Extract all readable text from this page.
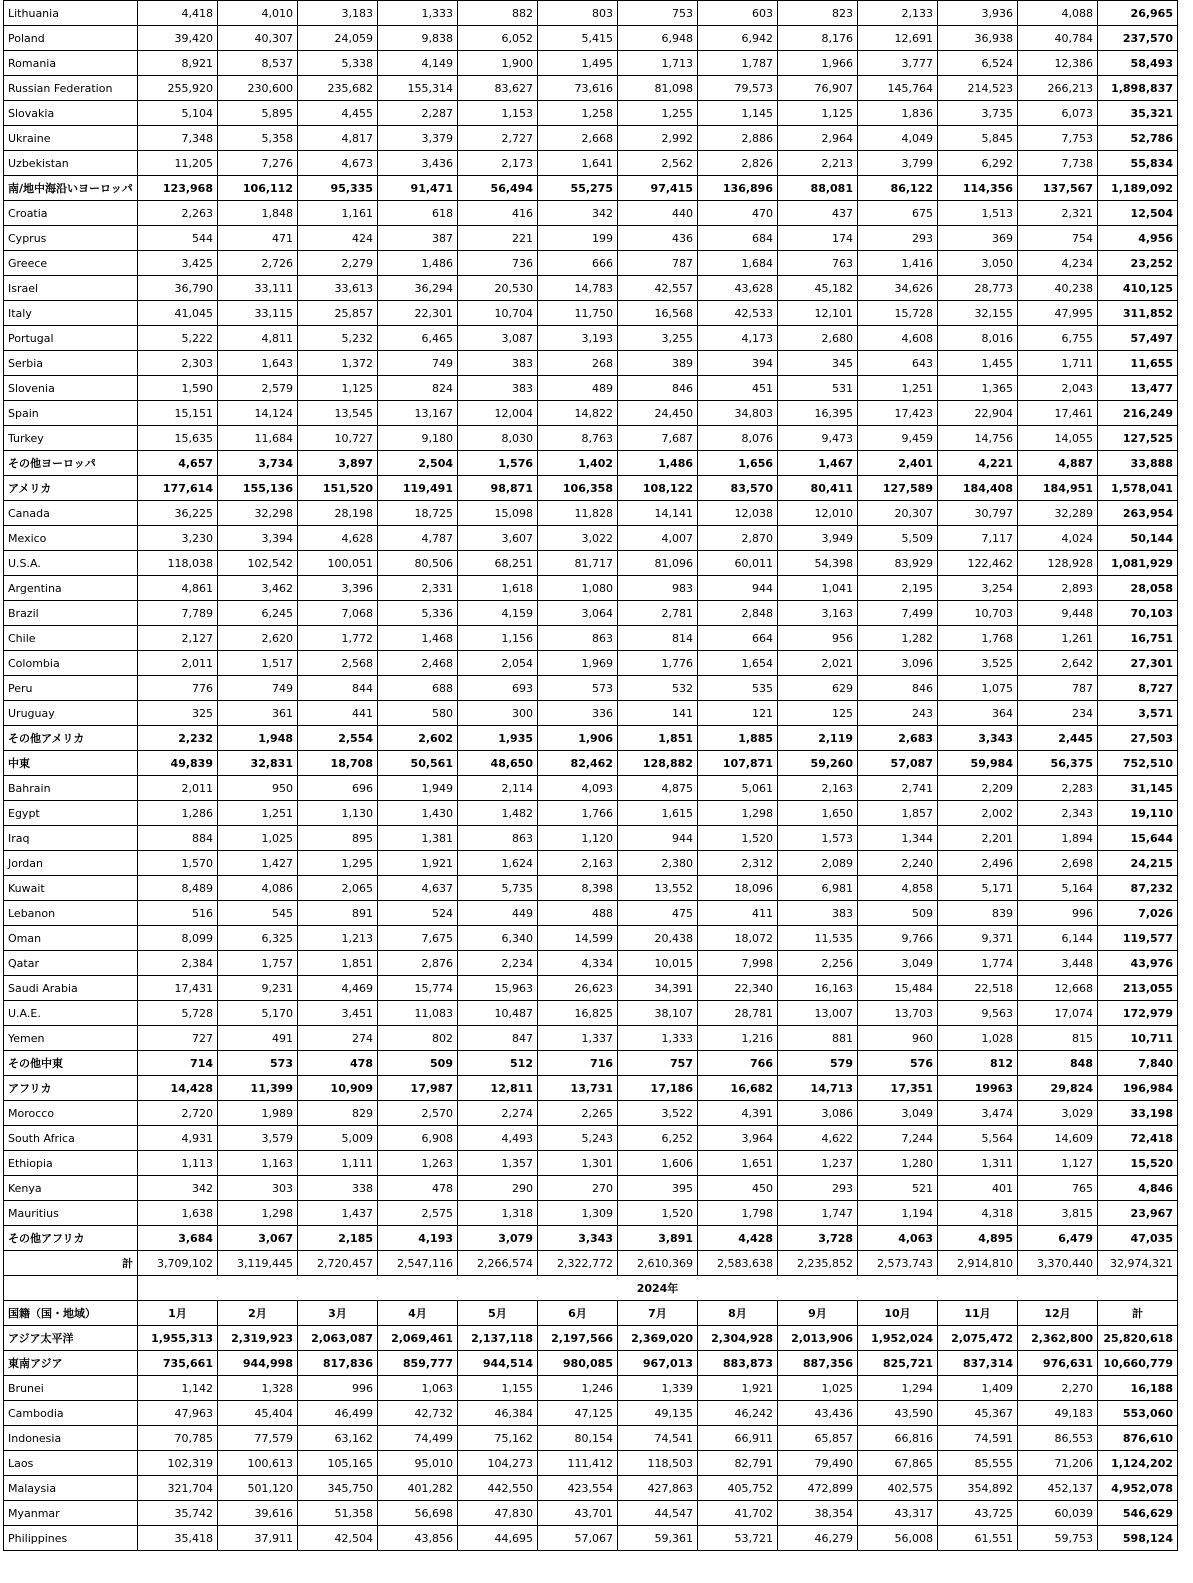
Lithuania	4,418	4,010	3,183	1,333	882	803	753	603	823	2,133	3,936	4,088	26,965
Poland	39,420	40,307	24,059	9,838	6,052	5,415	6,948	6,942	8,176	12,691	36,938	40,784	237,570
Romania	8,921	8,537	5,338	4,149	1,900	1,495	1,713	1,787	1,966	3,777	6,524	12,386	58,493
Russian Federation	255,920	230,600	235,682	155,314	83,627	73,616	81,098	79,573	76,907	145,764	214,523	266,213	1,898,837
Slovakia	5,104	5,895	4,455	2,287	1,153	1,258	1,255	1,145	1,125	1,836	3,735	6,073	35,321
Ukraine	7,348	5,358	4,817	3,379	2,727	2,668	2,992	2,886	2,964	4,049	5,845	7,753	52,786
Uzbekistan	11,205	7,276	4,673	3,436	2,173	1,641	2,562	2,826	2,213	3,799	6,292	7,738	55,834
南/地中海沿いヨーロッパ	123,968	106,112	95,335	91,471	56,494	55,275	97,415	136,896	88,081	86,122	114,356	137,567	1,189,092
Croatia	2,263	1,848	1,161	618	416	342	440	470	437	675	1,513	2,321	12,504
Cyprus	544	471	424	387	221	199	436	684	174	293	369	754	4,956
Greece	3,425	2,726	2,279	1,486	736	666	787	1,684	763	1,416	3,050	4,234	23,252
Israel	36,790	33,111	33,613	36,294	20,530	14,783	42,557	43,628	45,182	34,626	28,773	40,238	410,125
Italy	41,045	33,115	25,857	22,301	10,704	11,750	16,568	42,533	12,101	15,728	32,155	47,995	311,852
Portugal	5,222	4,811	5,232	6,465	3,087	3,193	3,255	4,173	2,680	4,608	8,016	6,755	57,497
Serbia	2,303	1,643	1,372	749	383	268	389	394	345	643	1,455	1,711	11,655
Slovenia	1,590	2,579	1,125	824	383	489	846	451	531	1,251	1,365	2,043	13,477
Spain	15,151	14,124	13,545	13,167	12,004	14,822	24,450	34,803	16,395	17,423	22,904	17,461	216,249
Turkey	15,635	11,684	10,727	9,180	8,030	8,763	7,687	8,076	9,473	9,459	14,756	14,055	127,525
その他ヨーロッパ	4,657	3,734	3,897	2,504	1,576	1,402	1,486	1,656	1,467	2,401	4,221	4,887	33,888
アメリカ	177,614	155,136	151,520	119,491	98,871	106,358	108,122	83,570	80,411	127,589	184,408	184,951	1,578,041
Canada	36,225	32,298	28,198	18,725	15,098	11,828	14,141	12,038	12,010	20,307	30,797	32,289	263,954
Mexico	3,230	3,394	4,628	4,787	3,607	3,022	4,007	2,870	3,949	5,509	7,117	4,024	50,144
U.S.A.	118,038	102,542	100,051	80,506	68,251	81,717	81,096	60,011	54,398	83,929	122,462	128,928	1,081,929
Argentina	4,861	3,462	3,396	2,331	1,618	1,080	983	944	1,041	2,195	3,254	2,893	28,058
Brazil	7,789	6,245	7,068	5,336	4,159	3,064	2,781	2,848	3,163	7,499	10,703	9,448	70,103
Chile	2,127	2,620	1,772	1,468	1,156	863	814	664	956	1,282	1,768	1,261	16,751
Colombia	2,011	1,517	2,568	2,468	2,054	1,969	1,776	1,654	2,021	3,096	3,525	2,642	27,301
Peru	776	749	844	688	693	573	532	535	629	846	1,075	787	8,727
Uruguay	325	361	441	580	300	336	141	121	125	243	364	234	3,571
その他アメリカ	2,232	1,948	2,554	2,602	1,935	1,906	1,851	1,885	2,119	2,683	3,343	2,445	27,503
中東	49,839	32,831	18,708	50,561	48,650	82,462	128,882	107,871	59,260	57,087	59,984	56,375	752,510
Bahrain	2,011	950	696	1,949	2,114	4,093	4,875	5,061	2,163	2,741	2,209	2,283	31,145
Egypt	1,286	1,251	1,130	1,430	1,482	1,766	1,615	1,298	1,650	1,857	2,002	2,343	19,110
Iraq	884	1,025	895	1,381	863	1,120	944	1,520	1,573	1,344	2,201	1,894	15,644
Jordan	1,570	1,427	1,295	1,921	1,624	2,163	2,380	2,312	2,089	2,240	2,496	2,698	24,215
Kuwait	8,489	4,086	2,065	4,637	5,735	8,398	13,552	18,096	6,981	4,858	5,171	5,164	87,232
Lebanon	516	545	891	524	449	488	475	411	383	509	839	996	7,026
Oman	8,099	6,325	1,213	7,675	6,340	14,599	20,438	18,072	11,535	9,766	9,371	6,144	119,577
Qatar	2,384	1,757	1,851	2,876	2,234	4,334	10,015	7,998	2,256	3,049	1,774	3,448	43,976
Saudi Arabia	17,431	9,231	4,469	15,774	15,963	26,623	34,391	22,340	16,163	15,484	22,518	12,668	213,055
U.A.E.	5,728	5,170	3,451	11,083	10,487	16,825	38,107	28,781	13,007	13,703	9,563	17,074	172,979
Yemen	727	491	274	802	847	1,337	1,333	1,216	881	960	1,028	815	10,711
その他中東	714	573	478	509	512	716	757	766	579	576	812	848	7,840
アフリカ	14,428	11,399	10,909	17,987	12,811	13,731	17,186	16,682	14,713	17,351	19963	29,824	196,984
Morocco	2,720	1,989	829	2,570	2,274	2,265	3,522	4,391	3,086	3,049	3,474	3,029	33,198
South Africa	4,931	3,579	5,009	6,908	4,493	5,243	6,252	3,964	4,622	7,244	5,564	14,609	72,418
Ethiopia	1,113	1,163	1,111	1,263	1,357	1,301	1,606	1,651	1,237	1,280	1,311	1,127	15,520
Kenya	342	303	338	478	290	270	395	450	293	521	401	765	4,846
Mauritius	1,638	1,298	1,437	2,575	1,318	1,309	1,520	1,798	1,747	1,194	4,318	3,815	23,967
その他アフリカ	3,684	3,067	2,185	4,193	3,079	3,343	3,891	4,428	3,728	4,063	4,895	6,479	47,035
計	3,709,102	3,119,445	2,720,457	2,547,116	2,266,574	2,322,772	2,610,369	2,583,638	2,235,852	2,573,743	2,914,810	3,370,440	32,974,321
	2024年												
国籍（国・地域）	1月	2月	3月	4月	5月	6月	7月	8月	9月	10月	11月	12月	計
アジア太平洋	1,955,313	2,319,923	2,063,087	2,069,461	2,137,118	2,197,566	2,369,020	2,304,928	2,013,906	1,952,024	2,075,472	2,362,800	25,820,618
東南アジア	735,661	944,998	817,836	859,777	944,514	980,085	967,013	883,873	887,356	825,721	837,314	976,631	10,660,779
Brunei	1,142	1,328	996	1,063	1,155	1,246	1,339	1,921	1,025	1,294	1,409	2,270	16,188
Cambodia	47,963	45,404	46,499	42,732	46,384	47,125	49,135	46,242	43,436	43,590	45,367	49,183	553,060
Indonesia	70,785	77,579	63,162	74,499	75,162	80,154	74,541	66,911	65,857	66,816	74,591	86,553	876,610
Laos	102,319	100,613	105,165	95,010	104,273	111,412	118,503	82,791	79,490	67,865	85,555	71,206	1,124,202
Malaysia	321,704	501,120	345,750	401,282	442,550	423,554	427,863	405,752	472,899	402,575	354,892	452,137	4,952,078
Myanmar	35,742	39,616	51,358	56,698	47,830	43,701	44,547	41,702	38,354	43,317	43,725	60,039	546,629
Philippines	35,418	37,911	42,504	43,856	44,695	57,067	59,361	53,721	46,279	56,008	61,551	59,753	598,124
